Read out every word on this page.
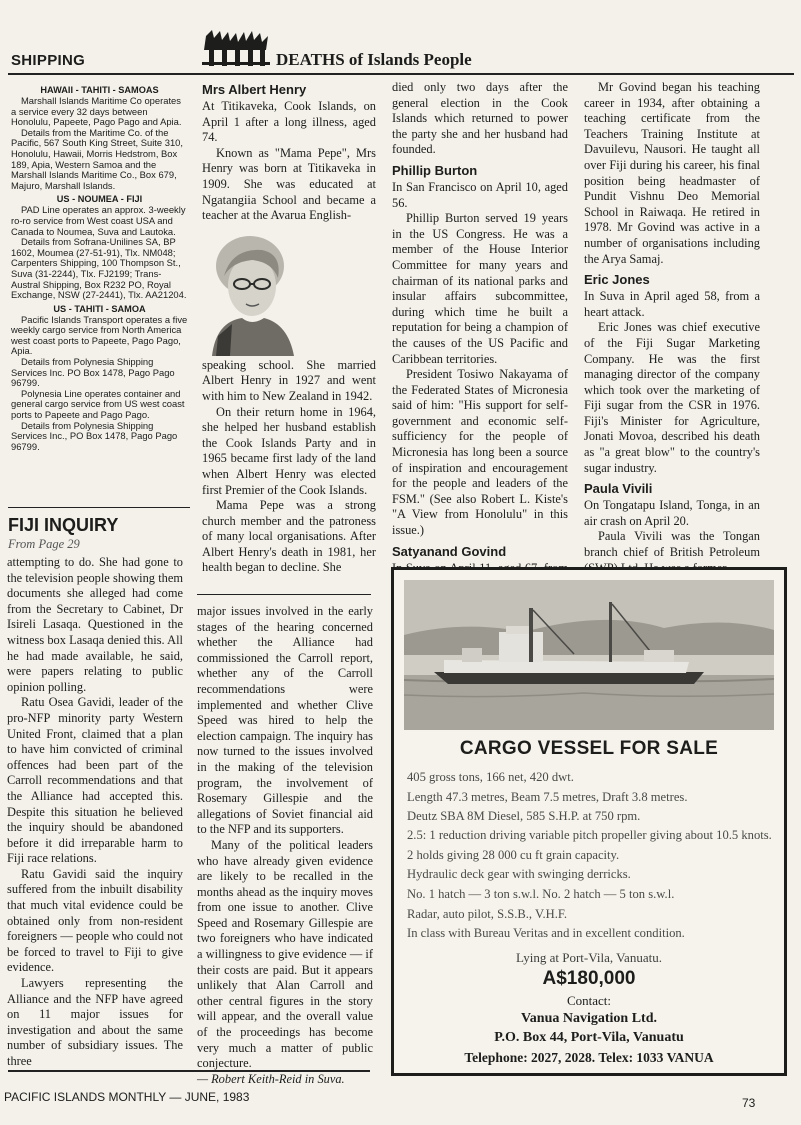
SHIPPING	DEATHS of Islands People

HAWAII - TAHITI - SAMOAS

Marshall Islands Maritime Co operates a service every 32 days between Honolulu, Papeete, Pago Pago and Apia.

Details from the Maritime Co. of the Pacific, 567 South King Street, Suite 310, Honolulu, Hawaii, Morris Hedstrom, Box 189, Apia, Western Samoa and the Marshall Islands Maritime Co., Box 679, Majuro, Marshall Islands.

US - NOUMEA - FIJI

PAD Line operates an approx. 3-weekly ro-ro service from West coast USA and Canada to Noumea, Suva and Lautoka.

Details from Sofrana-Unilines SA, BP 1602, Moumea (27-51-91), Tlx. NM048; Carpenters Shipping, 100 Thompson St., Suva (31-2244), Tlx. FJ2199; Trans-Austral Shipping, Box R232 PO, Royal Exchange, NSW (27-2441), Tlx. AA21204.

US - TAHITI - SAMOA

Pacific Islands Transport operates a five weekly cargo service from North America west coast ports to Papeete, Pago Pago, Apia.

Details from Polynesia Shipping Services Inc. PO Box 1478, Pago Pago 96799.

Polynesia Line operates container and general cargo service from US west coast ports to Papeete and Pago Pago.

Details from Polynesia Shipping Services Inc., PO Box 1478, Pago Pago 96799.

FIJI INQUIRY
From Page 29

attempting to do. She had gone to the television people showing them documents she alleged had come from the Secretary to Cabinet, Dr Isireli Lasaqa. Questioned in the witness box Lasaqa denied this. All he had made available, he said, were papers relating to public opinion polling.

Ratu Osea Gavidi, leader of the pro-NFP minority party Western United Front, claimed that a plan to have him convicted of criminal offences had been part of the Carroll recommendations and that the Alliance had accepted this. Despite this situation he believed the inquiry should be abandoned before it did irreparable harm to Fiji race relations.

Ratu Gavidi said the inquiry suffered from the inbuilt disability that much vital evidence could be obtained only from non-resident foreigners — people who could not be forced to travel to Fiji to give evidence.

Lawyers representing the Alliance and the NFP have agreed on 11 major issues for investigation and about the same number of subsidiary issues. The three

major issues involved in the early stages of the hearing concerned whether the Alliance had commissioned the Carroll report, whether any of the Carroll recommendations were implemented and whether Clive Speed was hired to help the election campaign. The inquiry has now turned to the issues involved in the making of the television program, the involvement of Rosemary Gillespie and the allegations of Soviet financial aid to the NFP and its supporters.

Many of the political leaders who have already given evidence are likely to be recalled in the months ahead as the inquiry moves from one issue to another. Clive Speed and Rosemary Gillespie are two foreigners who have indicated a willingness to give evidence — if their costs are paid. But it appears unlikely that Alan Carroll and other central figures in the story will appear, and the overall value of the proceedings has become very much a matter of public conjecture.

— Robert Keith-Reid in Suva.

Mrs Albert Henry

At Titikaveka, Cook Islands, on April 1 after a long illness, aged 74.

Known as "Mama Pepe", Mrs Henry was born at Titikaveka in 1909. She was educated at Ngatangiia School and became a teacher at the Avarua English-

speaking school. She married Albert Henry in 1927 and went with him to New Zealand in 1942.

On their return home in 1964, she helped her husband establish the Cook Islands Party and in 1965 became first lady of the land when Albert Henry was elected first Premier of the Cook Islands.

Mama Pepe was a strong church member and the patroness of many local organisations. After Albert Henry's death in 1981, her health began to decline. She

died only two days after the general election in the Cook Islands which returned to power the party she and her husband had founded.

Phillip Burton

In San Francisco on April 10, aged 56.

Phillip Burton served 19 years in the US Congress. He was a member of the House Interior Committee for many years and chairman of its national parks and insular affairs subcommittee, during which time he built a reputation for being a champion of the causes of the US Pacific and Caribbean territories.

President Tosiwo Nakayama of the Federated States of Micronesia said of him: "His support for self-government and economic self-sufficiency for the people of Micronesia has long been a source of inspiration and encouragement for the people and leaders of the FSM." (See also Robert L. Kiste's "A View from Honolulu" in this issue.)

Satyanand Govind

Mr Govind began his teaching career in 1934, after obtaining a teaching certificate from the Teachers Training Institute at Davuilevu, Nausori. He taught all over Fiji during his career, his final position being headmaster of Pundit Vishnu Deo Memorial School in Raiwaqa. He retired in 1978. Mr Govind was active in a number of organisations including the Arya Samaj.

Eric Jones

In Suva in April aged 58, from a heart attack.

Eric Jones was chief executive of the Fiji Sugar Marketing Company. He was the first managing director of the company which took over the marketing of Fiji sugar from the CSR in 1976. Fiji's Minister for Agriculture, Jonati Movoa, described his death as "a great blow" to the country's sugar industry.

Paula Vivili

On Tongatapu Island, Tonga, in an air crash on April 20.

Paula Vivili was the Tongan branch chief of British Petroleum

CARGO VESSEL FOR SALE

405 gross tons, 166 net, 420 dwt.

Length 47.3 metres, Beam 7.5 metres, Draft 3.8 metres.

Deutz SBA 8M Diesel, 585 S.H.P. at 750 rpm.

2.5: 1 reduction driving variable pitch propeller giving about 10.5 knots.

2 holds giving 28 000 cu ft grain capacity.

Hydraulic deck gear with swinging derricks.

No. 1 hatch — 3 ton s.w.l. No. 2 hatch — 5 ton s.w.l.

Radar, auto pilot, S.S.B., V.H.F.

In class with Bureau Veritas and in excellent condition.

Lying at Port-Vila, Vanuatu.
A$180,000
Contact:
Vanua Navigation Ltd.
P.O. Box 44, Port-Vila, Vanuatu
Telephone: 2027, 2028. Telex: 1033 VANUA
PACIFIC ISLANDS MONTHLY — JUNE, 1983	73
